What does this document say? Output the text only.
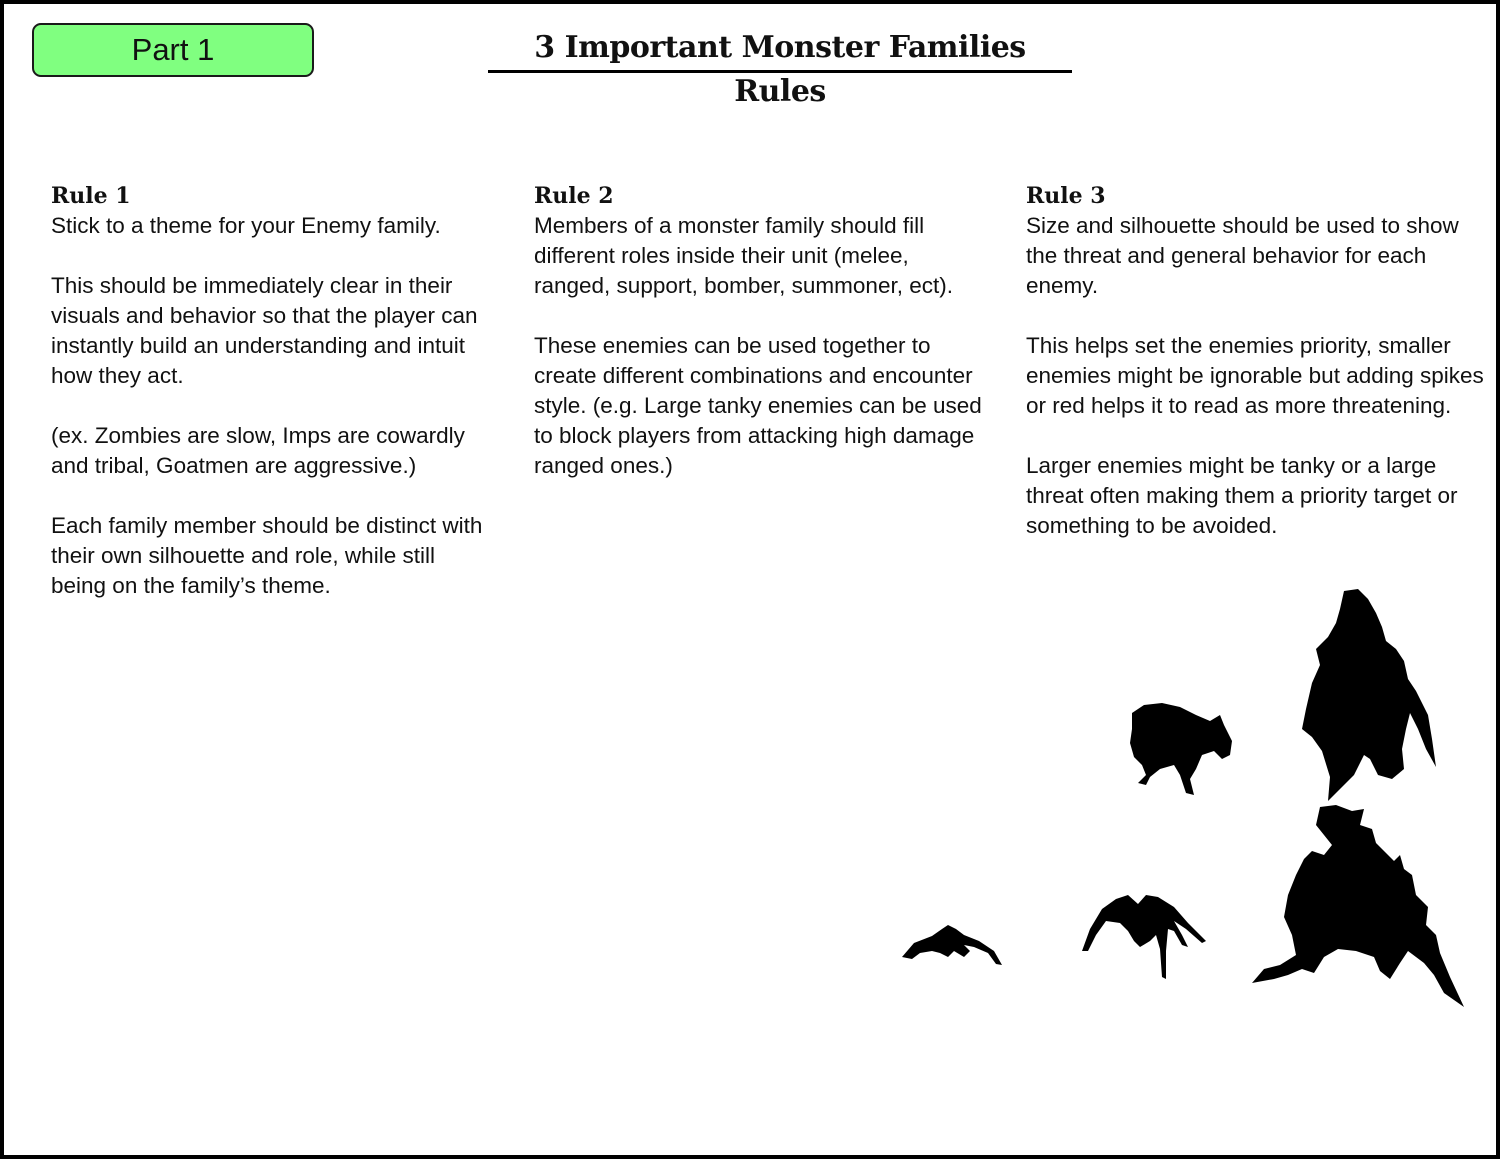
Part 1	3 Important Monster Families Rules
Rule 1

Stick to a theme for your Enemy family.

This should be immediately clear in their visuals and behavior so that the player can instantly build an understanding and intuit how they act.

(ex. Zombies are slow, Imps are cowardly and tribal, Goatmen are aggressive.)

Each family member should be distinct with their own silhouette and role, while still being on the family’s theme.

Rule 2

Members of a monster family should fill different roles inside their unit (melee, ranged, support, bomber, summoner, ect).

These enemies can be used together to create different combinations and encounter style. (e.g. Large tanky enemies can be used to block players from attacking high damage ranged ones.)

Rule 3

Size and silhouette should be used to show the threat and general behavior for each enemy.

This helps set the enemies priority, smaller enemies might be ignorable but adding spikes or red helps it to read as more threatening.

Larger enemies might be tanky or a large threat often making them a priority target or something to be avoided.
